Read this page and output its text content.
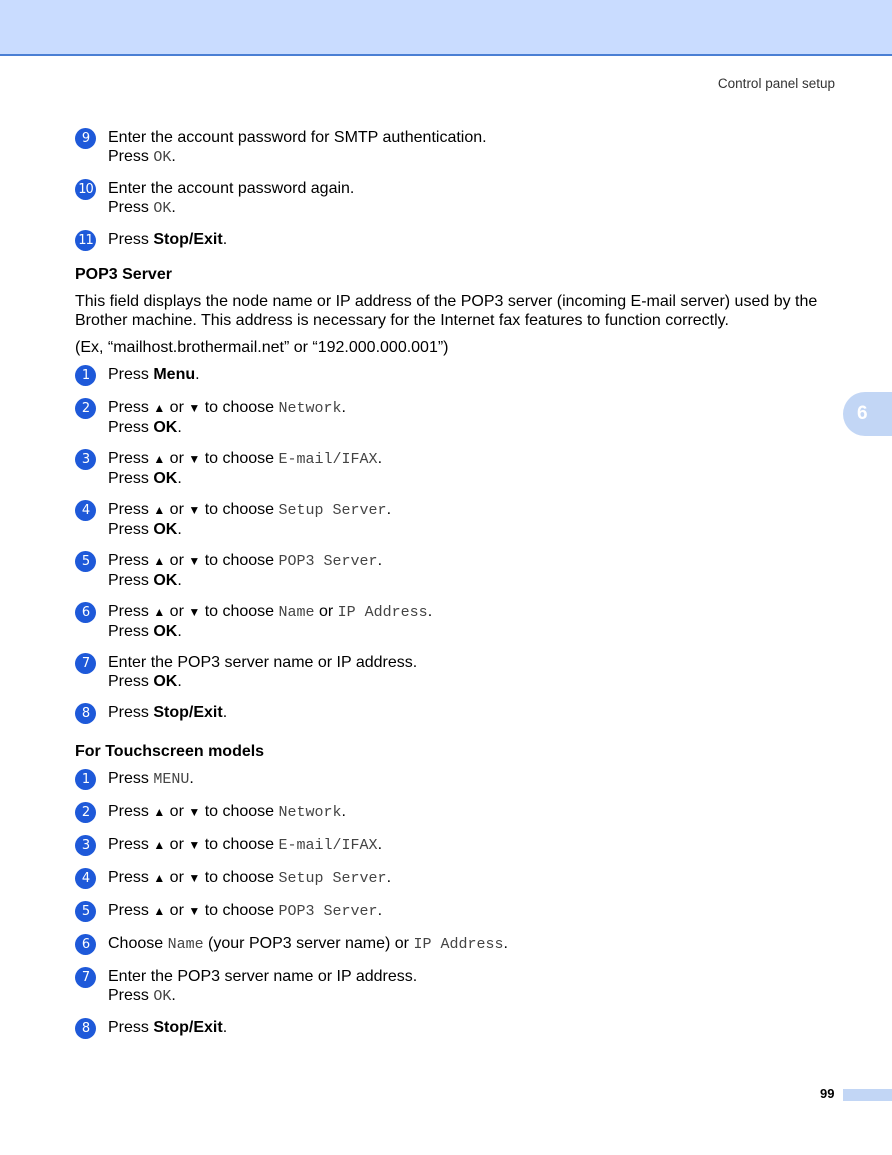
Control panel setup
6
9	Enter the account password for SMTP authentication.
Press OK.
10 Enter the account password again.
Press OK.
11 Press Stop/Exit.
POP3 Server
This field displays the node name or IP address of the POP3 server (incoming E-mail server) used by the Brother machine. This address is necessary for the Internet fax features to function correctly.
(Ex, “mailhost.brothermail.net” or “192.000.000.001”)
1	Press Menu.
2	Press ▲ or ▼ to choose Network.
Press OK.
3	Press ▲ or ▼ to choose E-mail/IFAX.
Press OK.
4	Press ▲ or ▼ to choose Setup Server.
Press OK.
5	Press ▲ or ▼ to choose POP3 Server.
Press OK.
6	Press ▲ or ▼ to choose Name or IP Address.
Press OK.
7	Enter the POP3 server name or IP address.
Press OK.
8	Press Stop/Exit.
For Touchscreen models
1	Press MENU.
2	Press ▲ or ▼ to choose Network.
3	Press ▲ or ▼ to choose E-mail/IFAX.
4	Press ▲ or ▼ to choose Setup Server.
5	Press ▲ or ▼ to choose POP3 Server.
6	Choose Name (your POP3 server name) or IP Address.
7	Enter the POP3 server name or IP address.
Press OK.
8	Press Stop/Exit.
99
